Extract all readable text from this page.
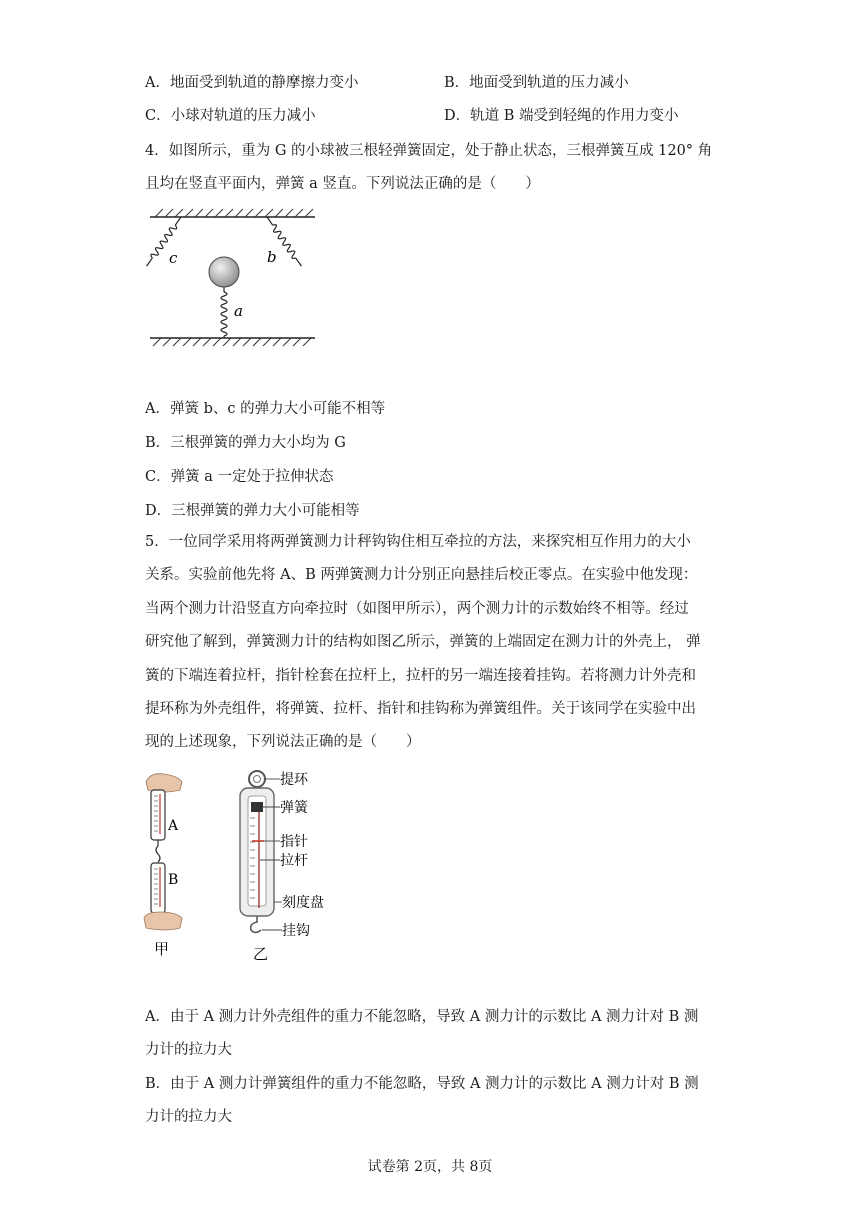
A．地面受到轨道的静摩擦力变小	B．地面受到轨道的压力减小
C．小球对轨道的压力减小	D．轨道 B 端受到轻绳的作用力变小
4．如图所示，重为 G 的小球被三根轻弹簧固定，处于静止状态，三根弹簧互成 120° 角
且均在竖直平面内，弹簧 a 竖直。下列说法正确的是（　　）
c	b
a
A．弹簧 b、c 的弹力大小可能不相等
B．三根弹簧的弹力大小均为 G
C．弹簧 a 一定处于拉伸状态
D．三根弹簧的弹力大小可能相等
5．一位同学采用将两弹簧测力计秤钩钩住相互牵拉的方法，来探究相互作用力的大小
关系。实验前他先将 A、B 两弹簧测力计分别正向悬挂后校正零点。在实验中他发现：
当两个测力计沿竖直方向牵拉时（如图甲所示），两个测力计的示数始终不相等。经过
研究他了解到，弹簧测力计的结构如图乙所示，弹簧的上端固定在测力计的外壳上， 弹
簧的下端连着拉杆，指针栓套在拉杆上，拉杆的另一端连接着挂钩。若将测力计外壳和
提环称为外壳组件，将弹簧、拉杆、指针和挂钩称为弹簧组件。关于该同学在实验中出
现的上述现象，下列说法正确的是（　　）
A
B
甲
提环
弹簧
指针
拉杆
刻度盘
挂钩
乙
A．由于 A 测力计外壳组件的重力不能忽略，导致 A 测力计的示数比 A 测力计对 B 测
力计的拉力大
B．由于 A 测力计弹簧组件的重力不能忽略，导致 A 测力计的示数比 A 测力计对 B 测
力计的拉力大
试卷第 2页，共 8页
